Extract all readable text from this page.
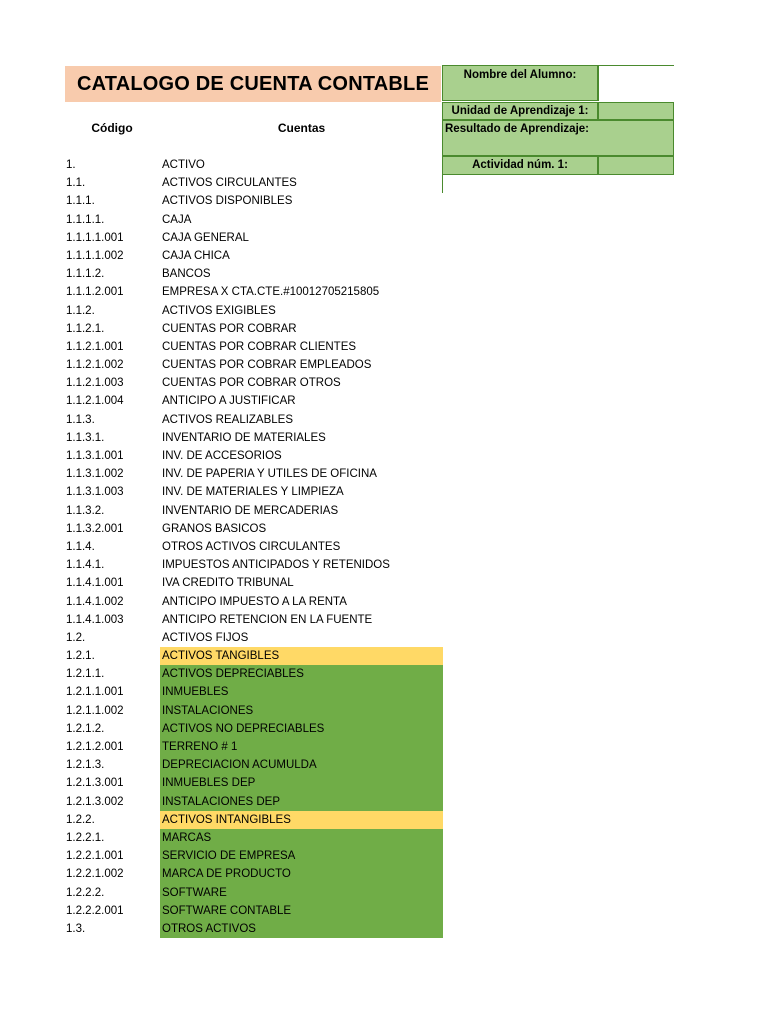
CATALOGO DE CUENTA CONTABLE
Código	Cuentas
Nombre del Alumno:
Unidad de Aprendizaje 1:
Resultado de Aprendizaje:
Actividad núm. 1:
1.	ACTIVO
1.1.	ACTIVOS CIRCULANTES
1.1.1.	ACTIVOS DISPONIBLES
1.1.1.1.	CAJA
1.1.1.1.001	CAJA GENERAL
1.1.1.1.002	CAJA CHICA
1.1.1.2.	BANCOS
1.1.1.2.001	EMPRESA X CTA.CTE.#10012705215805
1.1.2.	ACTIVOS EXIGIBLES
1.1.2.1.	CUENTAS POR COBRAR
1.1.2.1.001	CUENTAS POR COBRAR CLIENTES
1.1.2.1.002	CUENTAS POR COBRAR EMPLEADOS
1.1.2.1.003	CUENTAS POR COBRAR OTROS
1.1.2.1.004	ANTICIPO A JUSTIFICAR
1.1.3.	ACTIVOS REALIZABLES
1.1.3.1.	INVENTARIO DE MATERIALES
1.1.3.1.001	INV. DE ACCESORIOS
1.1.3.1.002	INV. DE PAPERIA Y UTILES DE OFICINA
1.1.3.1.003	INV. DE MATERIALES Y LIMPIEZA
1.1.3.2.	INVENTARIO DE MERCADERIAS
1.1.3.2.001	GRANOS BASICOS
1.1.4.	OTROS ACTIVOS CIRCULANTES
1.1.4.1.	IMPUESTOS ANTICIPADOS Y RETENIDOS
1.1.4.1.001	IVA CREDITO TRIBUNAL
1.1.4.1.002	ANTICIPO IMPUESTO A LA RENTA
1.1.4.1.003	ANTICIPO RETENCION EN LA FUENTE
1.2.	ACTIVOS FIJOS
1.2.1.	ACTIVOS TANGIBLES
1.2.1.1.	ACTIVOS DEPRECIABLES
1.2.1.1.001	INMUEBLES
1.2.1.1.002	INSTALACIONES
1.2.1.2.	ACTIVOS NO DEPRECIABLES
1.2.1.2.001	TERRENO # 1
1.2.1.3.	DEPRECIACION ACUMULDA
1.2.1.3.001	INMUEBLES DEP
1.2.1.3.002	INSTALACIONES DEP
1.2.2.	ACTIVOS INTANGIBLES
1.2.2.1.	MARCAS
1.2.2.1.001	SERVICIO DE EMPRESA
1.2.2.1.002	MARCA DE PRODUCTO
1.2.2.2.	SOFTWARE
1.2.2.2.001	SOFTWARE CONTABLE
1.3.	OTROS ACTIVOS
